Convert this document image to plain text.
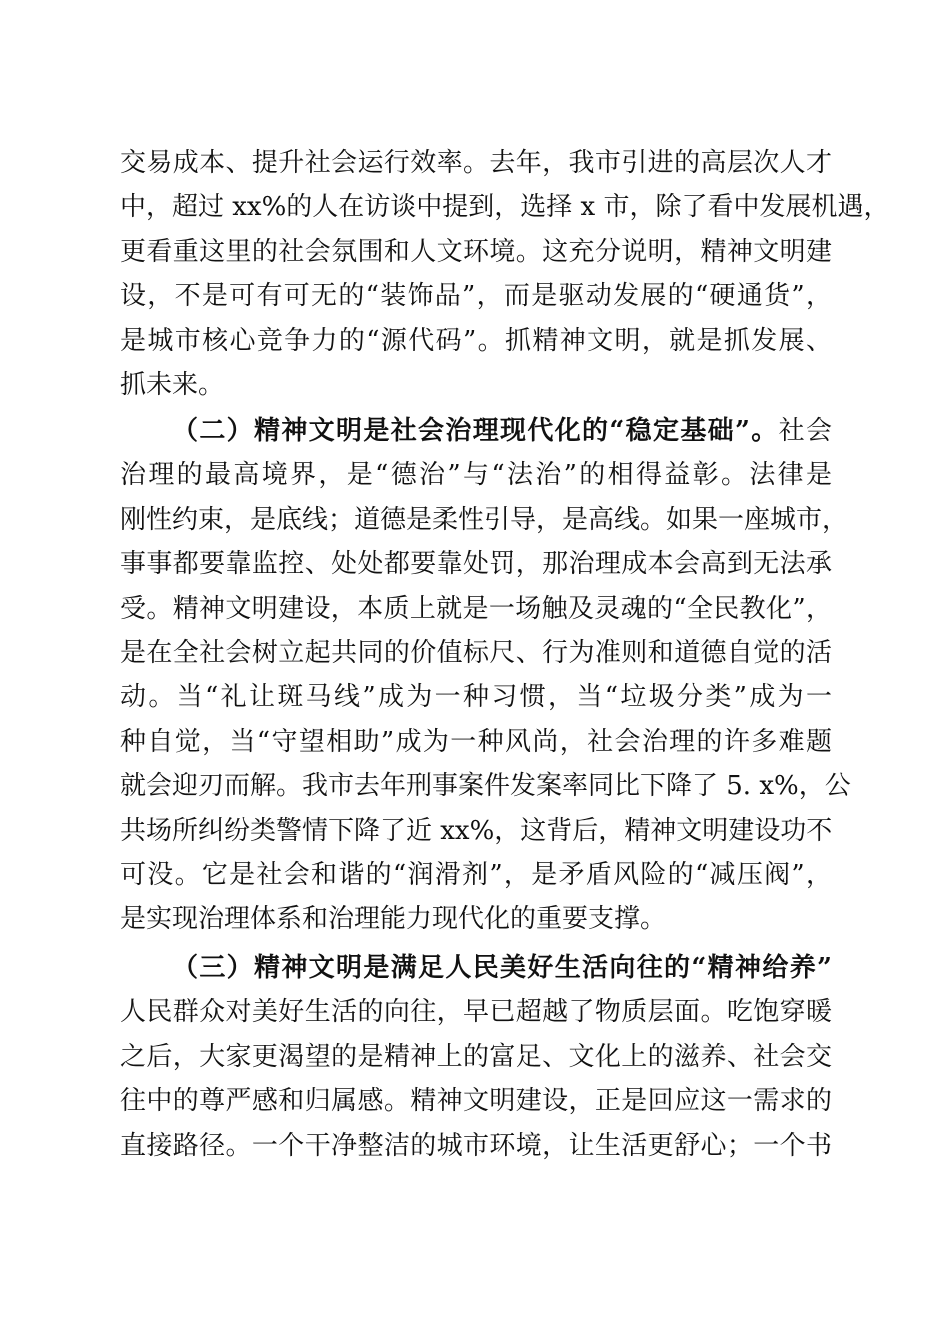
交易成本、提升社会运行效率。去年，我市引进的高层次人才
中，超过 xx%的人在访谈中提到，选择 x 市，除了看中发展机遇，
更看重这里的社会氛围和人文环境。这充分说明，精神文明建
设，不是可有可无的“装饰品”，而是驱动发展的“硬通货”，
是城市核心竞争力的“源代码”。抓精神文明，就是抓发展、
抓未来。
（二）精神文明是社会治理现代化的“稳定基础”。社会
治理的最高境界，是“德治”与“法治”的相得益彰。法律是
刚性约束，是底线；道德是柔性引导，是高线。如果一座城市，
事事都要靠监控、处处都要靠处罚，那治理成本会高到无法承
受。精神文明建设，本质上就是一场触及灵魂的“全民教化”，
是在全社会树立起共同的价值标尺、行为准则和道德自觉的活
动。当“礼让斑马线”成为一种习惯，当“垃圾分类”成为一
种自觉，当“守望相助”成为一种风尚，社会治理的许多难题
就会迎刃而解。我市去年刑事案件发案率同比下降了 5. x%，公
共场所纠纷类警情下降了近 xx%，这背后，精神文明建设功不
可没。它是社会和谐的“润滑剂”，是矛盾风险的“减压阀”，
是实现治理体系和治理能力现代化的重要支撑。
（三）精神文明是满足人民美好生活向往的“精神给养”
人民群众对美好生活的向往，早已超越了物质层面。吃饱穿暖
之后，大家更渴望的是精神上的富足、文化上的滋养、社会交
往中的尊严感和归属感。精神文明建设，正是回应这一需求的
直接路径。一个干净整洁的城市环境，让生活更舒心；一个书
